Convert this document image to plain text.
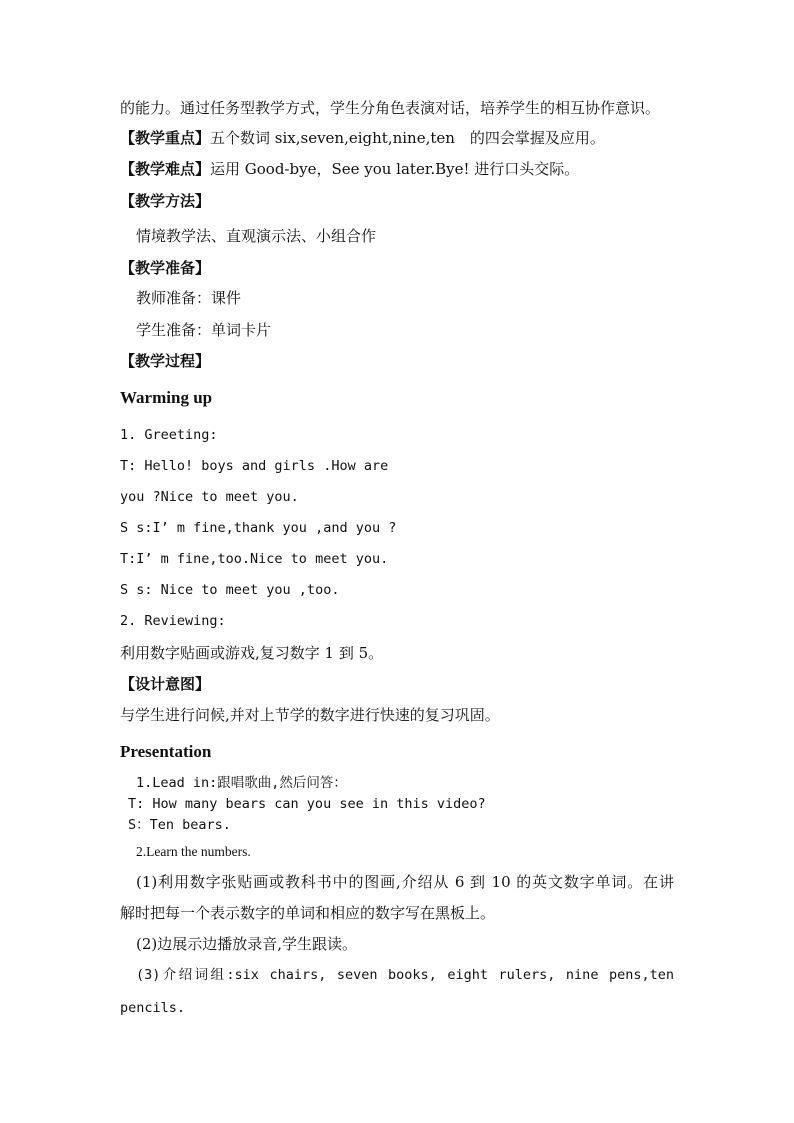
的能力。通过任务型教学方式，学生分角色表演对话，培养学生的相互协作意识。
【教学重点】五个数词 six,seven,eight,nine,ten　的四会掌握及应用。
【教学难点】运用 Good-bye，See you later.Bye! 进行口头交际。
【教学方法】
情境教学法、直观演示法、小组合作
【教学准备】
教师准备：课件
学生准备：单词卡片
【教学过程】
Warming up
1. Greeting:
T: Hello! boys and girls .How are
you ?Nice to meet you.
S s:I’ m fine,thank you ,and you ?
T:I’ m fine,too.Nice to meet you.
S s: Nice to meet you ,too.
2. Reviewing:
利用数字贴画或游戏,复习数字 1 到 5。
【设计意图】
与学生进行问候,并对上节学的数字进行快速的复习巩固。
Presentation
1.Lead in:跟唱歌曲,然后问答：
T: How many bears can you see in this video?
S：Ten bears.
2.Learn the numbers.
(1)利用数字张贴画或教科书中的图画,介绍从 6 到 10 的英文数字单词。在讲
解时把每一个表示数字的单词和相应的数字写在黑板上。
(2)边展示边播放录音,学生跟读。
(3)介绍词组:six chairs, seven books, eight rulers, nine pens,ten
pencils.
